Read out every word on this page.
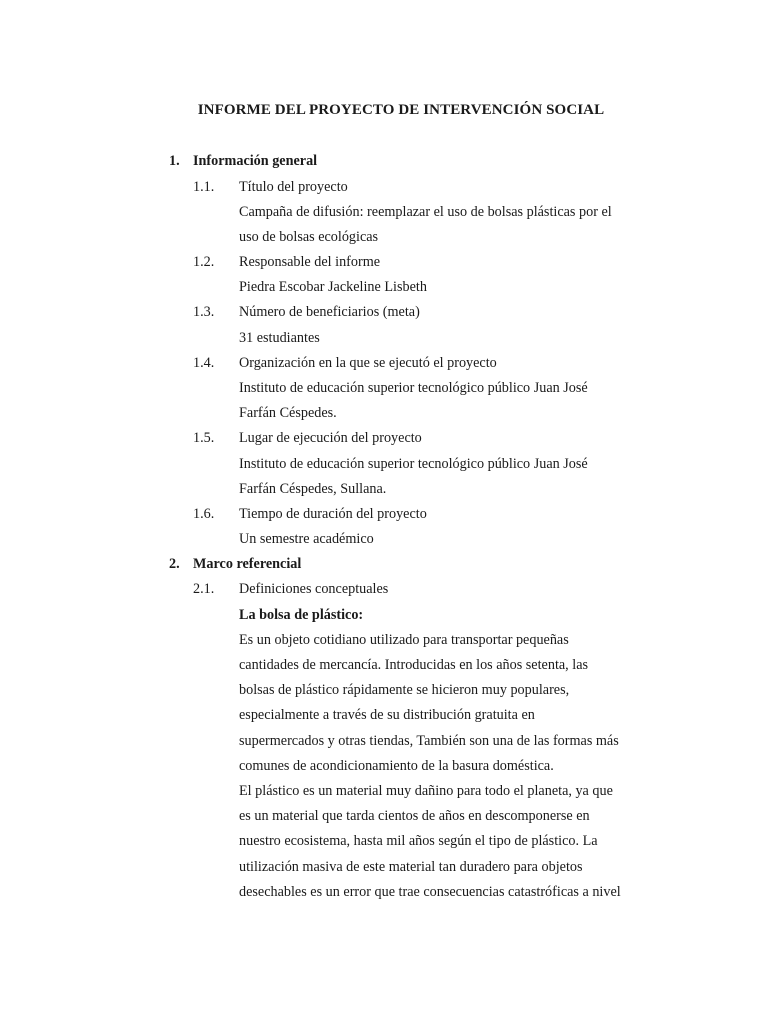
INFORME DEL PROYECTO DE INTERVENCIÓN SOCIAL
1. Información general
1.1. Título del proyecto
Campaña de difusión: reemplazar el uso de bolsas plásticas por el
uso de bolsas ecológicas
1.2. Responsable del informe
Piedra Escobar Jackeline Lisbeth
1.3. Número de beneficiarios (meta)
31 estudiantes
1.4. Organización en la que se ejecutó el proyecto
Instituto de educación superior tecnológico público Juan José
Farfán Céspedes.
1.5. Lugar de ejecución del proyecto
Instituto de educación superior tecnológico público Juan José
Farfán Céspedes, Sullana.
1.6. Tiempo de duración del proyecto
Un semestre académico
2. Marco referencial
2.1. Definiciones conceptuales
La bolsa de plástico:
Es un objeto cotidiano utilizado para transportar pequeñas
cantidades de mercancía. Introducidas en los años setenta, las
bolsas de plástico rápidamente se hicieron muy populares,
especialmente a través de su distribución gratuita en
supermercados y otras tiendas, También son una de las formas más
comunes de acondicionamiento de la basura doméstica.
El plástico es un material muy dañino para todo el planeta, ya que
es un material que tarda cientos de años en descomponerse en
nuestro ecosistema, hasta mil años según el tipo de plástico. La
utilización masiva de este material tan duradero para objetos
desechables es un error que trae consecuencias catastróficas a nivel
